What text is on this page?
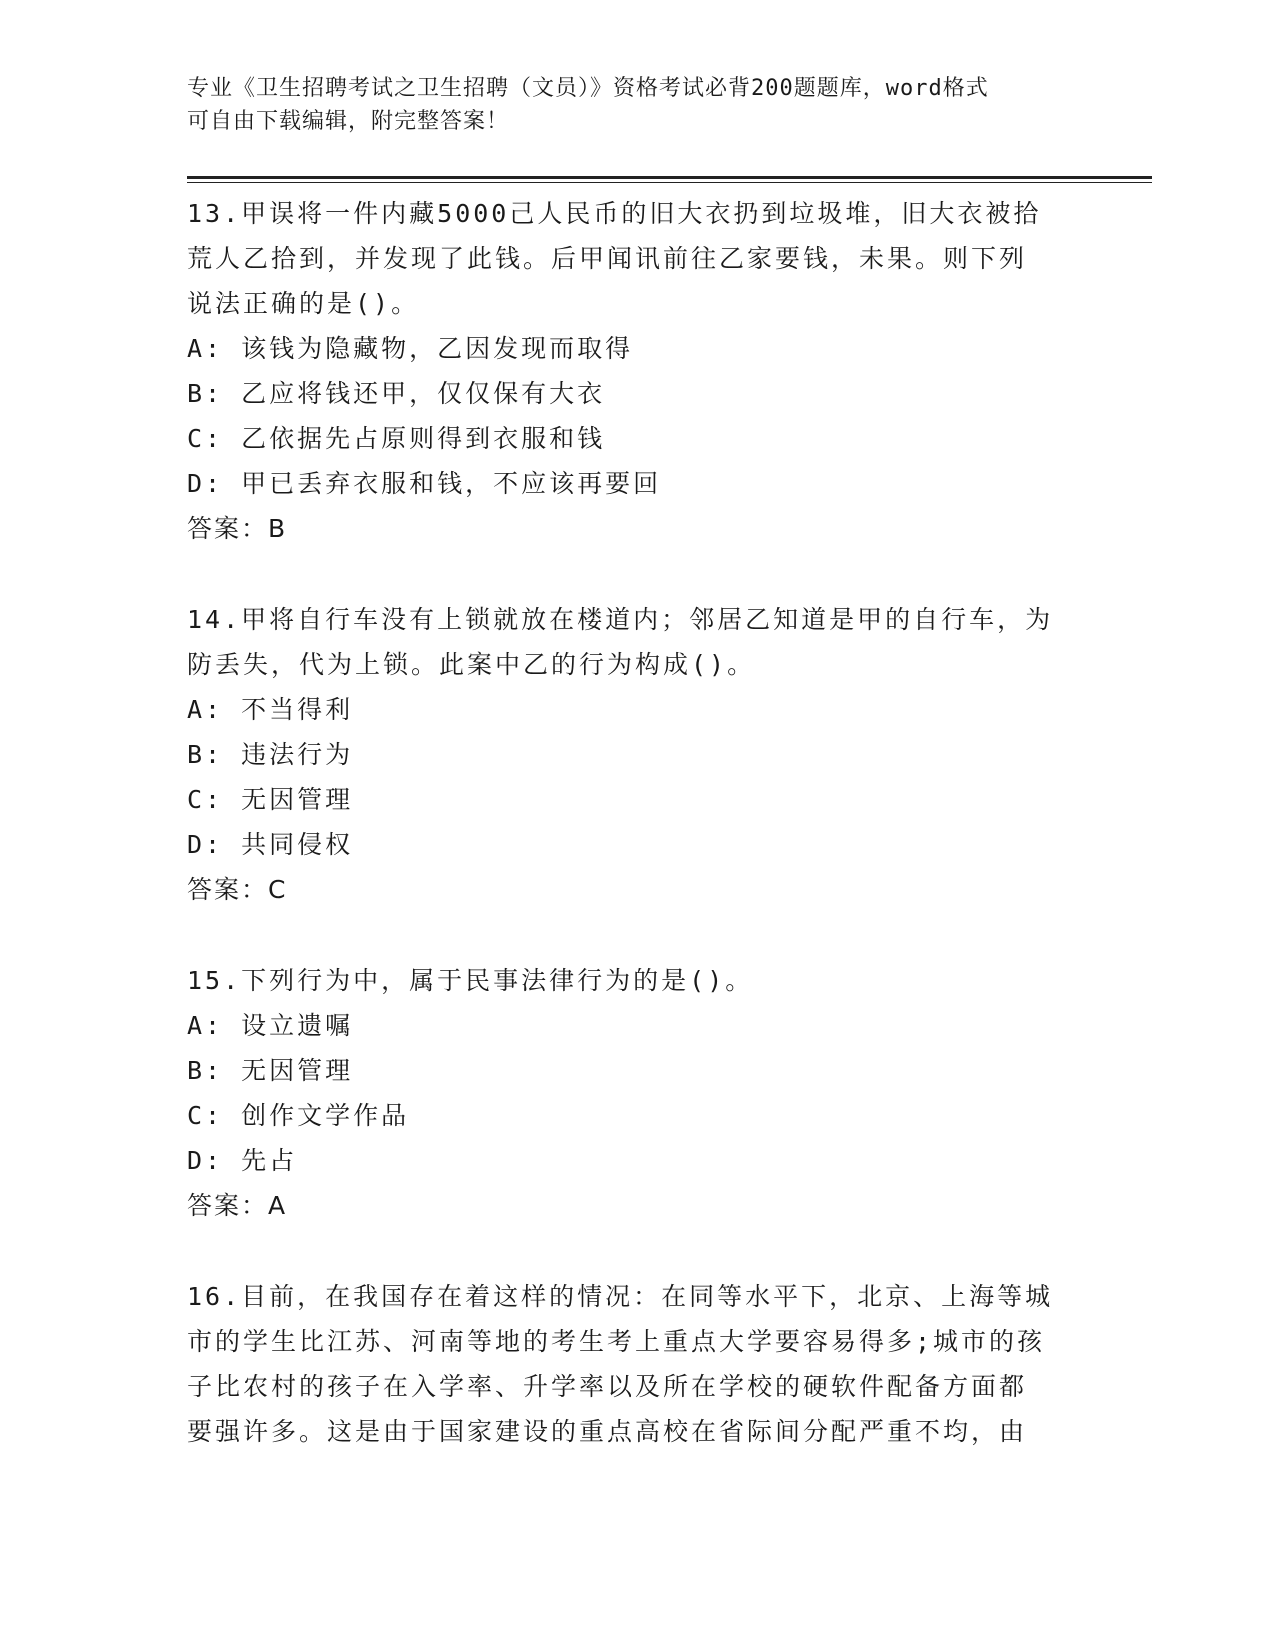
专业《卫生招聘考试之卫生招聘（文员）》资格考试必背200题题库，word格式
可自由下载编辑，附完整答案！
13.甲误将一件内藏5000己人民币的旧大衣扔到垃圾堆，旧大衣被拾
荒人乙拾到，并发现了此钱。后甲闻讯前往乙家要钱，未果。则下列
说法正确的是()。
A: 该钱为隐藏物，乙因发现而取得
B: 乙应将钱还甲，仅仅保有大衣
C: 乙依据先占原则得到衣服和钱
D: 甲已丢弃衣服和钱，不应该再要回
答案：B
14.甲将自行车没有上锁就放在楼道内；邻居乙知道是甲的自行车，为
防丢失，代为上锁。此案中乙的行为构成()。
A: 不当得利
B: 违法行为
C: 无因管理
D: 共同侵权
答案：C
15.下列行为中，属于民事法律行为的是()。
A: 设立遗嘱
B: 无因管理
C: 创作文学作品
D: 先占
答案：A
16.目前，在我国存在着这样的情况：在同等水平下，北京、上海等城
市的学生比江苏、河南等地的考生考上重点大学要容易得多;城市的孩
子比农村的孩子在入学率、升学率以及所在学校的硬软件配备方面都
要强许多。这是由于国家建设的重点高校在省际间分配严重不均，由
